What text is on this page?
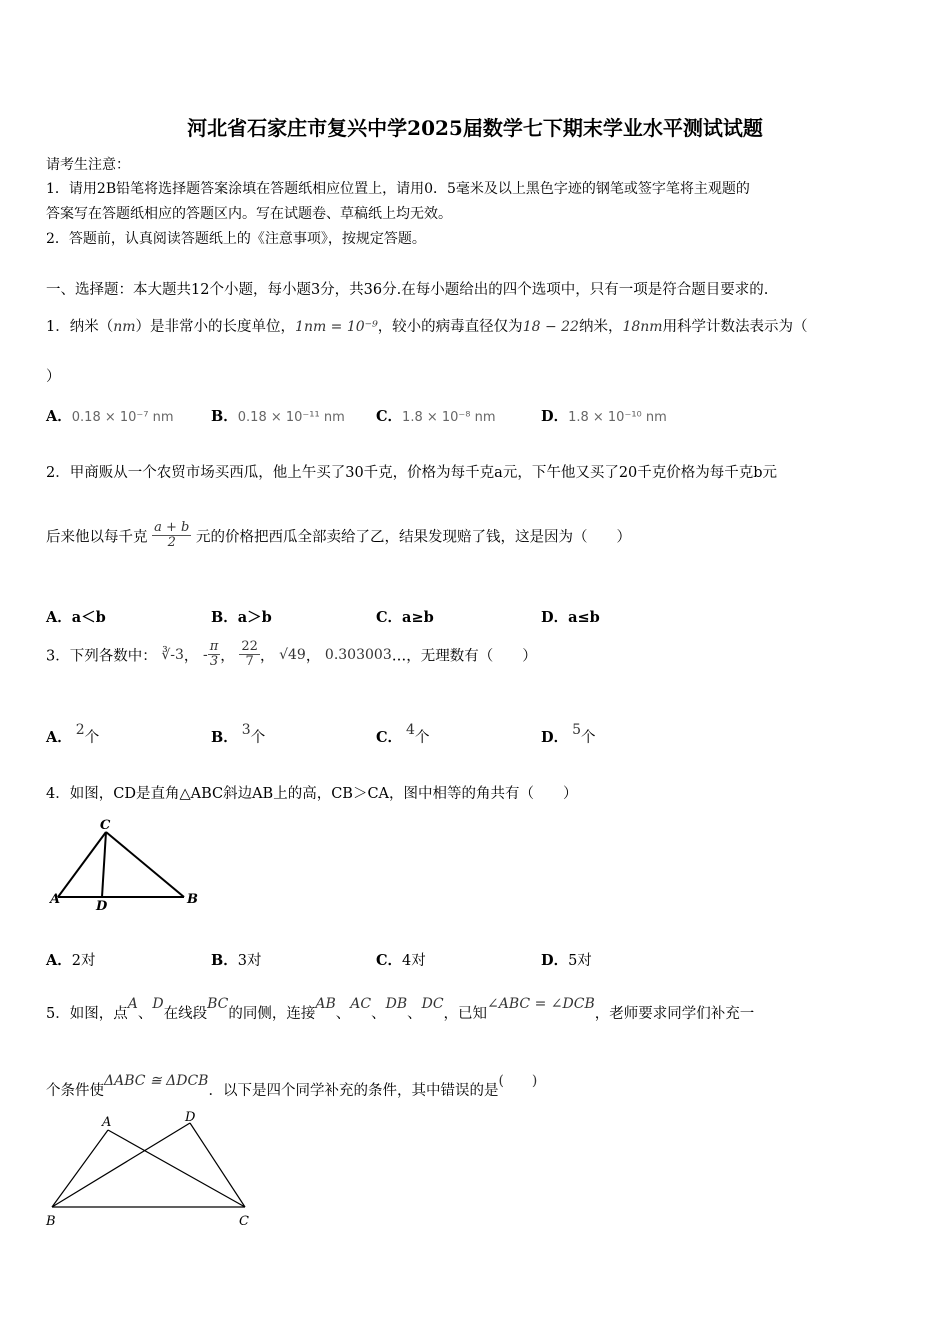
河北省石家庄市复兴中学2025届数学七下期末学业水平测试试题
请考生注意：
1．请用2B铅笔将选择题答案涂填在答题纸相应位置上，请用0．5毫米及以上黑色字迹的钢笔或签字笔将主观题的
答案写在答题纸相应的答题区内。写在试题卷、草稿纸上均无效。
2．答题前，认真阅读答题纸上的《注意事项》，按规定答题。
一、选择题：本大题共12个小题，每小题3分，共36分.在每小题给出的四个选项中，只有一项是符合题目要求的.
1．纳米（nm）是非常小的长度单位，1nm = 10⁻⁹，较小的病毒直径仅为18 − 22纳米，18nm用科学计数法表示为（
）
A．0.18 × 10⁻⁷ nm	B．0.18 × 10⁻¹¹ nm C．1.8 × 10⁻⁸ nm	D．1.8 × 10⁻¹⁰ nm
2．甲商贩从一个农贸市场买西瓜，他上午买了30千克，价格为每千克a元，下午他又买了20千克价格为每千克b元
后来他以每千克 $\frac{a + b}{2}$ 元的价格把西瓜全部卖给了乙，结果发现赔了钱，这是因为（　　）
A．a＜b	B．a＞b	C．a≥b	D．a≤b
3．下列各数中： ∛-3， - $\frac{\pi}{3}$ ， $\frac{22}{7}$ ， √49， 0.303003…，无理数有（　　）
A． 2个	B． 3个	C． 4个	D． 5个
4．如图，CD是直角△ABC斜边AB上的高，CB＞CA，图中相等的角共有（　　）
C
A	D	B
A．2对	B．3对	C．4对	D．5对
5．如图，点A、D在线段BC的同侧，连接AB、AC、DB、DC，已知∠ABC = ∠DCB，老师要求同学们补充一
个条件使ΔABC ≅ ΔDCB．以下是四个同学补充的条件，其中错误的是(　　)
A	D
B	C
